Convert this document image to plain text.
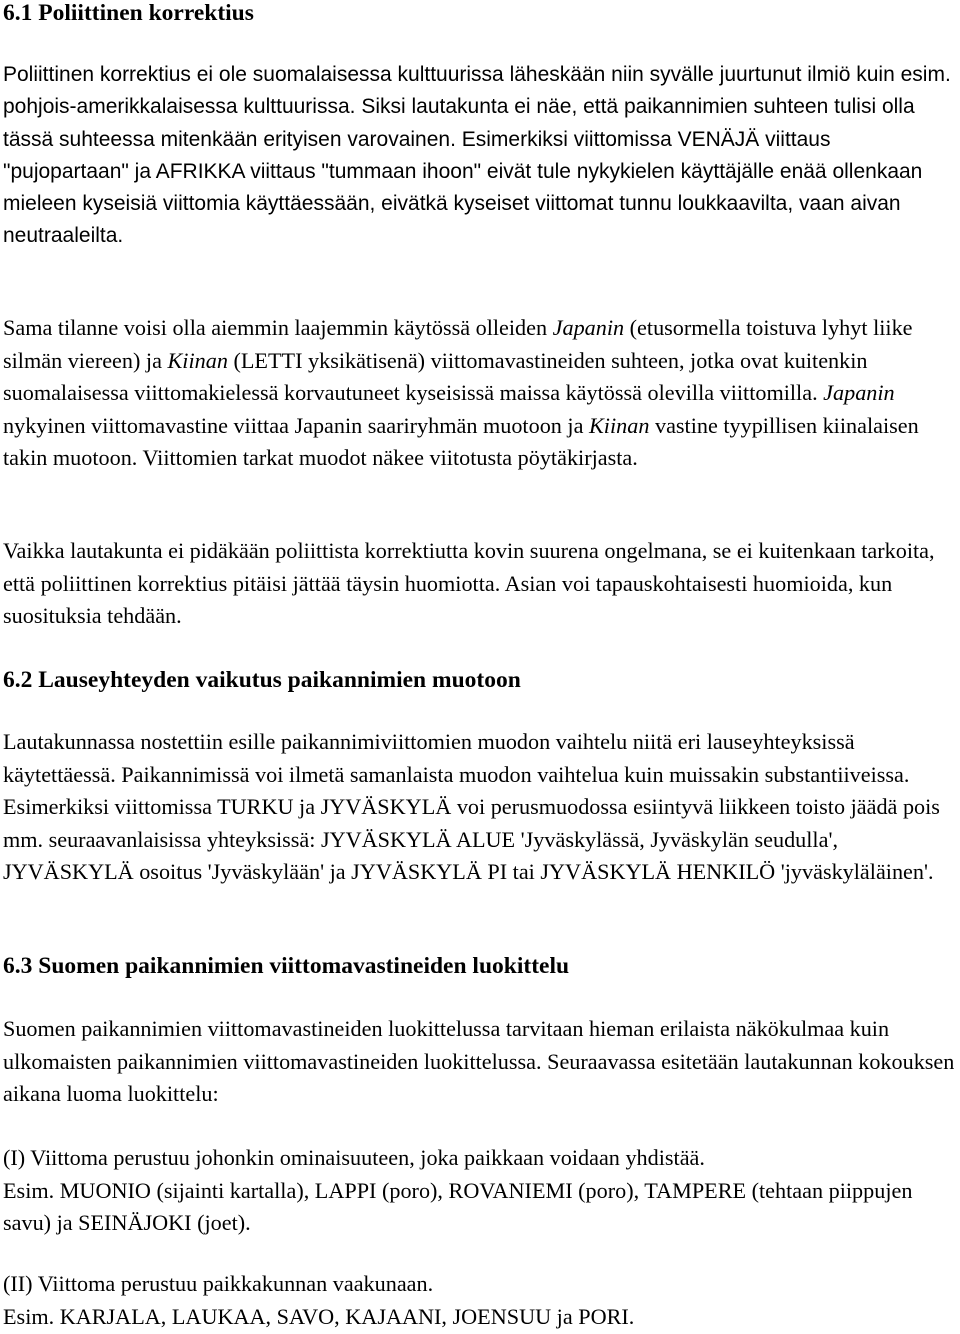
6.1 Poliittinen korrektius

Poliittinen korrektius ei ole suomalaisessa kulttuurissa läheskään niin syvälle juurtunut ilmiö kuin esim. pohjois-amerikkalaisessa kulttuurissa. Siksi lautakunta ei näe, että paikannimien suhteen tulisi olla tässä suhteessa mitenkään erityisen varovainen. Esimerkiksi viittomissa VENÄJÄ viittaus "pujopartaan" ja AFRIKKA viittaus "tummaan ihoon" eivät tule nykykielen käyttäjälle enää ollenkaan mieleen kyseisiä viittomia käyttäessään, eivätkä kyseiset viittomat tunnu loukkaavilta, vaan aivan neutraaleilta.

Sama tilanne voisi olla aiemmin laajemmin käytössä olleiden Japanin (etusormella toistuva lyhyt liike silmän viereen) ja Kiinan (LETTI yksikätisenä) viittomavastineiden suhteen, jotka ovat kuitenkin suomalaisessa viittomakielessä korvautuneet kyseisissä maissa käytössä olevilla viittomilla. Japanin nykyinen viittomavastine viittaa Japanin saariryhmän muotoon ja Kiinan vastine tyypillisen kiinalaisen takin muotoon. Viittomien tarkat muodot näkee viitotusta pöytäkirjasta.

Vaikka lautakunta ei pidäkään poliittista korrektiutta kovin suurena ongelmana, se ei kuitenkaan tarkoita, että poliittinen korrektius pitäisi jättää täysin huomiotta. Asian voi tapauskohtaisesti huomioida, kun suosituksia tehdään.

6.2 Lauseyhteyden vaikutus paikannimien muotoon

Lautakunnassa nostettiin esille paikannimiviittomien muodon vaihtelu niitä eri lauseyhteyksissä käytettäessä. Paikannimissä voi ilmetä samanlaista muodon vaihtelua kuin muissakin substantiiveissa. Esimerkiksi viittomissa TURKU ja JYVÄSKYLÄ voi perusmuodossa esiintyvä liikkeen toisto jäädä pois mm. seuraavanlaisissa yhteyksissä: JYVÄSKYLÄ ALUE 'Jyväskylässä, Jyväskylän seudulla', JYVÄSKYLÄ osoitus 'Jyväskylään' ja JYVÄSKYLÄ PI tai JYVÄSKYLÄ HENKILÖ 'jyväskyläläinen'.

6.3 Suomen paikannimien viittomavastineiden luokittelu

Suomen paikannimien viittomavastineiden luokittelussa tarvitaan hieman erilaista näkökulmaa kuin ulkomaisten paikannimien viittomavastineiden luokittelussa. Seuraavassa esitetään lautakunnan kokouksen aikana luoma luokittelu:

(I) Viittoma perustuu johonkin ominaisuuteen, joka paikkaan voidaan yhdistää.
Esim. MUONIO (sijainti kartalla), LAPPI (poro), ROVANIEMI (poro), TAMPERE (tehtaan piippujen savu) ja SEINÄJOKI (joet).

(II) Viittoma perustuu paikkakunnan vaakunaan.
Esim. KARJALA, LAUKAA, SAVO, KAJAANI, JOENSUU ja PORI.
